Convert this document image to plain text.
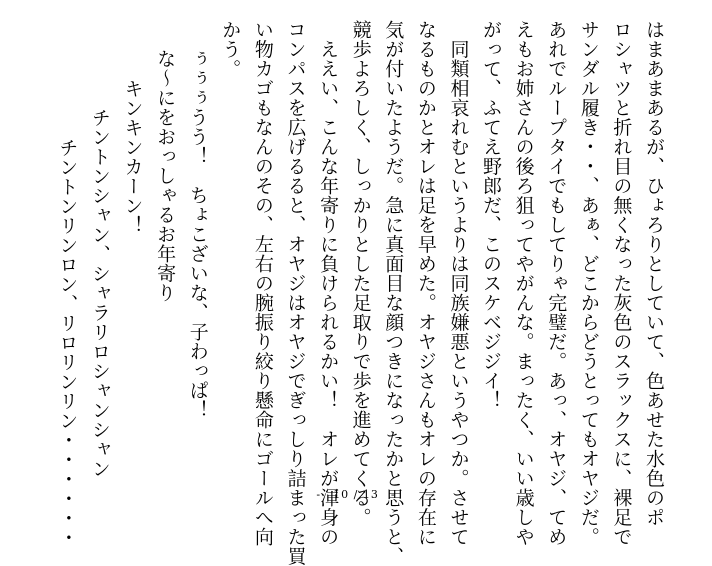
はまあまあるが、ひょろりとしていて、色あせた水色のポ
ロシャツと折れ目の無くなった灰色のスラックスに、裸足で
サンダル履き・・、あぁ、どこからどうとってもオヤジだ。
あれでループタイでもしてりゃ完璧だ。あっ、オヤジ、てめ
えもお姉さんの後ろ狙ってやがんな。まったく、いい歳しや
がって、ふてえ野郎だ、このスケベジジイ！
　同類相哀れむというよりは同族嫌悪というやつか。させて
なるものかとオレは足を早めた。オヤジさんもオレの存在に
気が付いたようだ。急に真面目な顔つきになったかと思うと、
競歩よろしく、しっかりとした足取りで歩を進めてくる。
　ええい、こんな年寄りに負けられるかい！　オレが渾身の
コンパスを広げるると、オヤジはオヤジでぎっしり詰まった買
い物カゴもなんのその、左右の腕振り絞り懸命にゴールへ向
かう。
ぅぅぅうう！　ちょこざいな、子わっぱ！
な～にをおっしゃるお年寄り
キンキンカーン！
チントンシャン、シャラリロシャンシャン
チントンリンロン、リロリンリン・・・・・・	-　10 / 13　-
